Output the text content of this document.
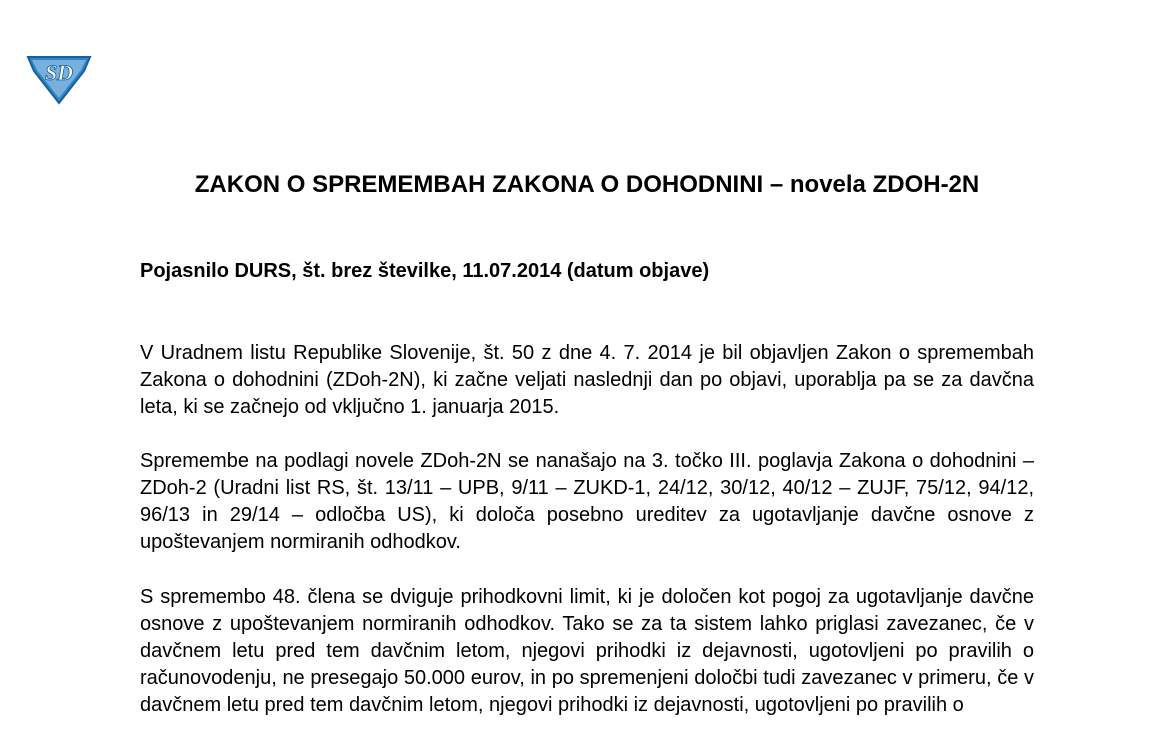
SD
ZAKON O SPREMEMBAH ZAKONA O DOHODNINI – novela ZDOH-2N

Pojasnilo DURS, št. brez številke, 11.07.2014 (datum objave)

V Uradnem listu Republike Slovenije, št. 50 z dne 4. 7. 2014 je bil objavljen Zakon o spremembah Zakona o dohodnini (ZDoh-2N), ki začne veljati naslednji dan po objavi, uporablja pa se za davčna leta, ki se začnejo od vključno 1. januarja 2015.

Spremembe na podlagi novele ZDoh-2N se nanašajo na 3. točko III. poglavja Zakona o dohodnini – ZDoh-2 (Uradni list RS, št. 13/11 – UPB, 9/11 – ZUKD-1, 24/12, 30/12, 40/12 – ZUJF, 75/12, 94/12, 96/13 in 29/14 – odločba US), ki določa posebno ureditev za ugotavljanje davčne osnove z upoštevanjem normiranih odhodkov.

S spremembo 48. člena se dviguje prihodkovni limit, ki je določen kot pogoj za ugotavljanje davčne osnove z upoštevanjem normiranih odhodkov. Tako se za ta sistem lahko priglasi zavezanec, če v davčnem letu pred tem davčnim letom, njegovi prihodki iz dejavnosti, ugotovljeni po pravilih o računovodenju, ne presegajo 50.000 eurov, in po spremenjeni določbi tudi zavezanec v primeru, če v davčnem letu pred tem davčnim letom, njegovi prihodki iz dejavnosti, ugotovljeni po pravilih o
